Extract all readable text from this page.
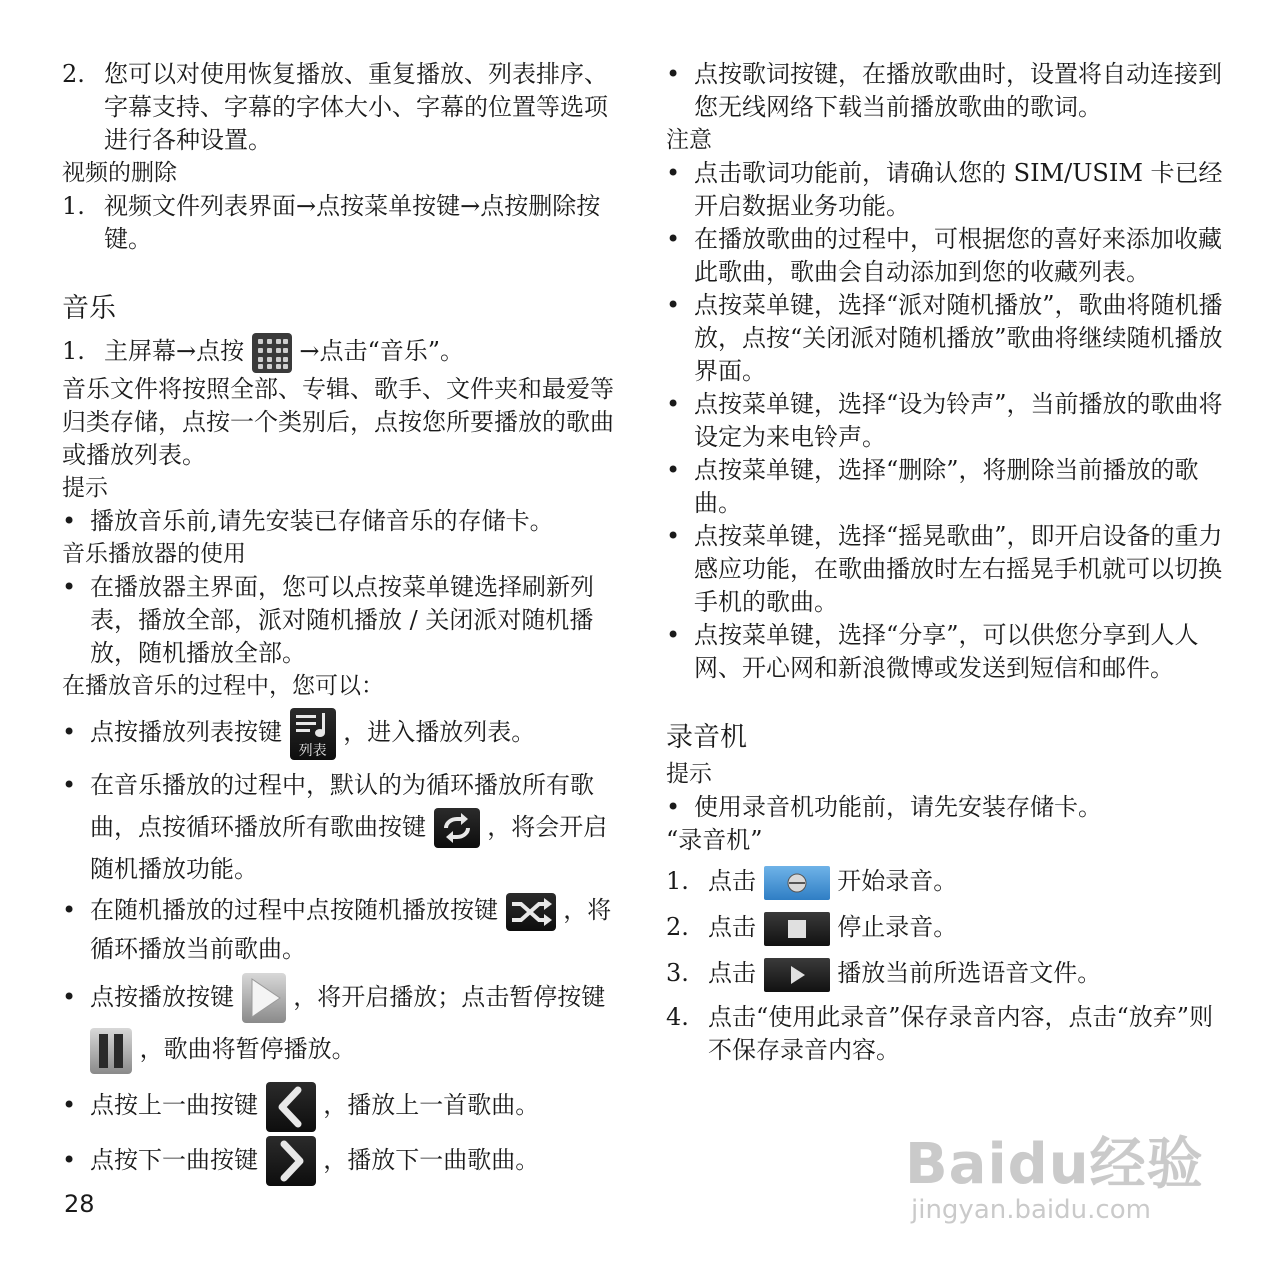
2. 您可以对使用恢复播放、重复播放、列表排序、字幕支持、字幕的字体大小、字幕的位置等选项进行各种设置。
视频的删除
1. 视频文件列表界面→点按菜单按键→点按删除按键。
音乐
1. 主屏幕→点按 →点击“音乐”。
音乐文件将按照全部、专辑、歌手、文件夹和最爱等归类存储，点按一个类别后，点按您所要播放的歌曲或播放列表。
提示
• 播放音乐前,请先安装已存储音乐的存储卡。
音乐播放器的使用
• 在播放器主界面，您可以点按菜单键选择刷新列表，播放全部，派对随机播放 / 关闭派对随机播放，随机播放全部。
在播放音乐的过程中，您可以：
• 点按播放列表按键
列表
，进入播放列表。
• 在音乐播放的过程中，默认的为循环播放所有歌曲，点按循环播放所有歌曲按键	，将会开启随机播放功能。
• 在随机播放的过程中点按随机播放按键	，将循环播放当前歌曲。
• 点按播放按键 ，将开启播放；点击暂停按键  ，歌曲将暂停播放。
• 点按上一曲按键	，播放上一首歌曲。
• 点按下一曲按键	，播放下一曲歌曲。
• 点按歌词按键，在播放歌曲时，设置将自动连接到您无线网络下载当前播放歌曲的歌词。
注意
• 点击歌词功能前，请确认您的 SIM/USIM 卡已经开启数据业务功能。
• 在播放歌曲的过程中，可根据您的喜好来添加收藏此歌曲，歌曲会自动添加到您的收藏列表。
• 点按菜单键，选择“派对随机播放”，歌曲将随机播放，点按“关闭派对随机播放”歌曲将继续随机播放界面。
• 点按菜单键，选择“设为铃声”，当前播放的歌曲将设定为来电铃声。
• 点按菜单键，选择“删除”，将删除当前播放的歌曲。
• 点按菜单键，选择“摇晃歌曲”，即开启设备的重力感应功能，在歌曲播放时左右摇晃手机就可以切换手机的歌曲。
• 点按菜单键，选择“分享”，可以供您分享到人人网、开心网和新浪微博或发送到短信和邮件。
录音机
提示
• 使用录音机功能前，请先安装存储卡。
“录音机”
1. 点击	开始录音。
2. 点击	停止录音。
3. 点击	播放当前所选语音文件。
4. 点击“使用此录音”保存录音内容，点击“放弃”则不保存录音内容。
28
Baidu经验
jingyan.baidu.com
